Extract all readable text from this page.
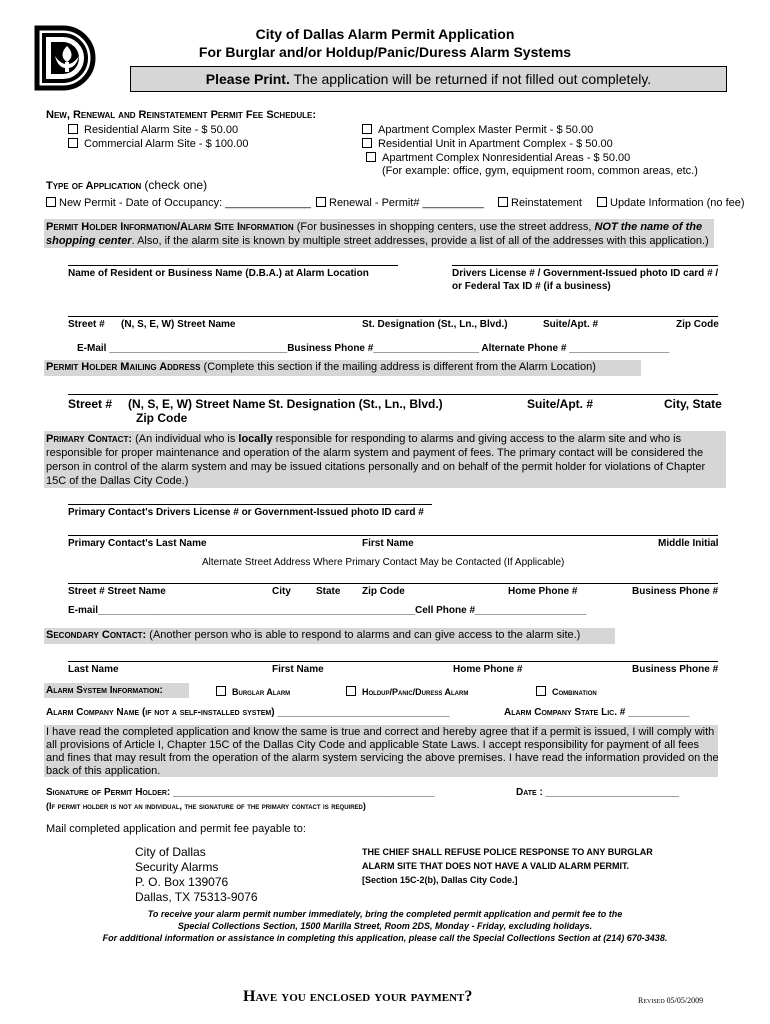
City of Dallas Alarm Permit Application
For Burglar and/or Holdup/Panic/Duress Alarm Systems
Please Print. The application will be returned if not filled out completely.
New, Renewal and Reinstatement Permit Fee Schedule:
Residential Alarm Site - $ 50.00
Commercial Alarm Site - $ 100.00
Apartment Complex Master Permit - $ 50.00
Residential Unit in Apartment Complex - $ 50.00
Apartment Complex Nonresidential Areas - $ 50.00
(For example: office, gym, equipment room, common areas, etc.)
Type of Application (check one)
New Permit - Date of Occupancy: ______________	Renewal - Permit# __________	Reinstatement	Update Information (no fee)
Permit Holder Information/Alarm Site Information (For businesses in shopping centers, use the street address, NOT the name of the shopping center. Also, if the alarm site is known by multiple street addresses, provide a list of all of the addresses with this application.)
Name of Resident or Business Name (D.B.A.) at Alarm Location	Drivers License # / Government-Issued photo ID card # /
or Federal Tax ID # (if a business)
Street # (N, S, E, W) Street Name	St. Designation (St., Ln., Blvd.)	Suite/Apt. #	Zip Code
E-Mail ________________________________Business Phone #___________________ Alternate Phone # __________________
Permit Holder Mailing Address (Complete this section if the mailing address is different from the Alarm Location)
Street # (N, S, E, W) Street Name St. Designation (St., Ln., Blvd.)	Suite/Apt. #	City, State
Zip Code
Primary Contact: (An individual who is locally responsible for responding to alarms and giving access to the alarm site and who is responsible for proper maintenance and operation of the alarm system and payment of fees. The primary contact will be considered the person in control of the alarm system and may be issued citations personally and on behalf of the permit holder for violations of Chapter 15C of the Dallas City Code.)
Primary Contact's Drivers License # or Government-Issued photo ID card #
Primary Contact's Last Name	First Name	Middle Initial
Alternate Street Address Where Primary Contact May be Contacted (If Applicable)
Street # Street Name	City	State Zip Code	Home Phone #	Business Phone #
E-mail_________________________________________________________Cell Phone #____________________
Secondary Contact: (Another person who is able to respond to alarms and can give access to the alarm site.)
Last Name	First Name	Home Phone #	Business Phone #
Alarm System Information:	Burglar Alarm	Holdup/Panic/Duress Alarm	Combination
Alarm Company Name (if not a self-installed system) _______________________________	Alarm Company State Lic. # ___________
I have read the completed application and know the same is true and correct and hereby agree that if a permit is issued, I will comply with all provisions of Article I, Chapter 15C of the Dallas City Code and applicable State Laws. I accept responsibility for payment of all fees and fines that may result from the operation of the alarm system servicing the above premises. I have read the information provided on the back of this application.
Signature of Permit Holder: _______________________________________________	Date : ________________________
(If permit holder is not an individual, the signature of the primary contact is required)
Mail completed application and permit fee payable to:
City of Dallas
Security Alarms
P. O. Box 139076
Dallas, TX 75313-9076
THE CHIEF SHALL REFUSE POLICE RESPONSE TO ANY BURGLAR
ALARM SITE THAT DOES NOT HAVE A VALID ALARM PERMIT.
[Section 15C-2(b), Dallas City Code.]
To receive your alarm permit number immediately, bring the completed permit application and permit fee to the
Special Collections Section, 1500 Marilla Street, Room 2DS, Monday - Friday, excluding holidays.
For additional information or assistance in completing this application, please call the Special Collections Section at (214) 670-3438.
Have you enclosed your payment?	Revised 05/05/2009
